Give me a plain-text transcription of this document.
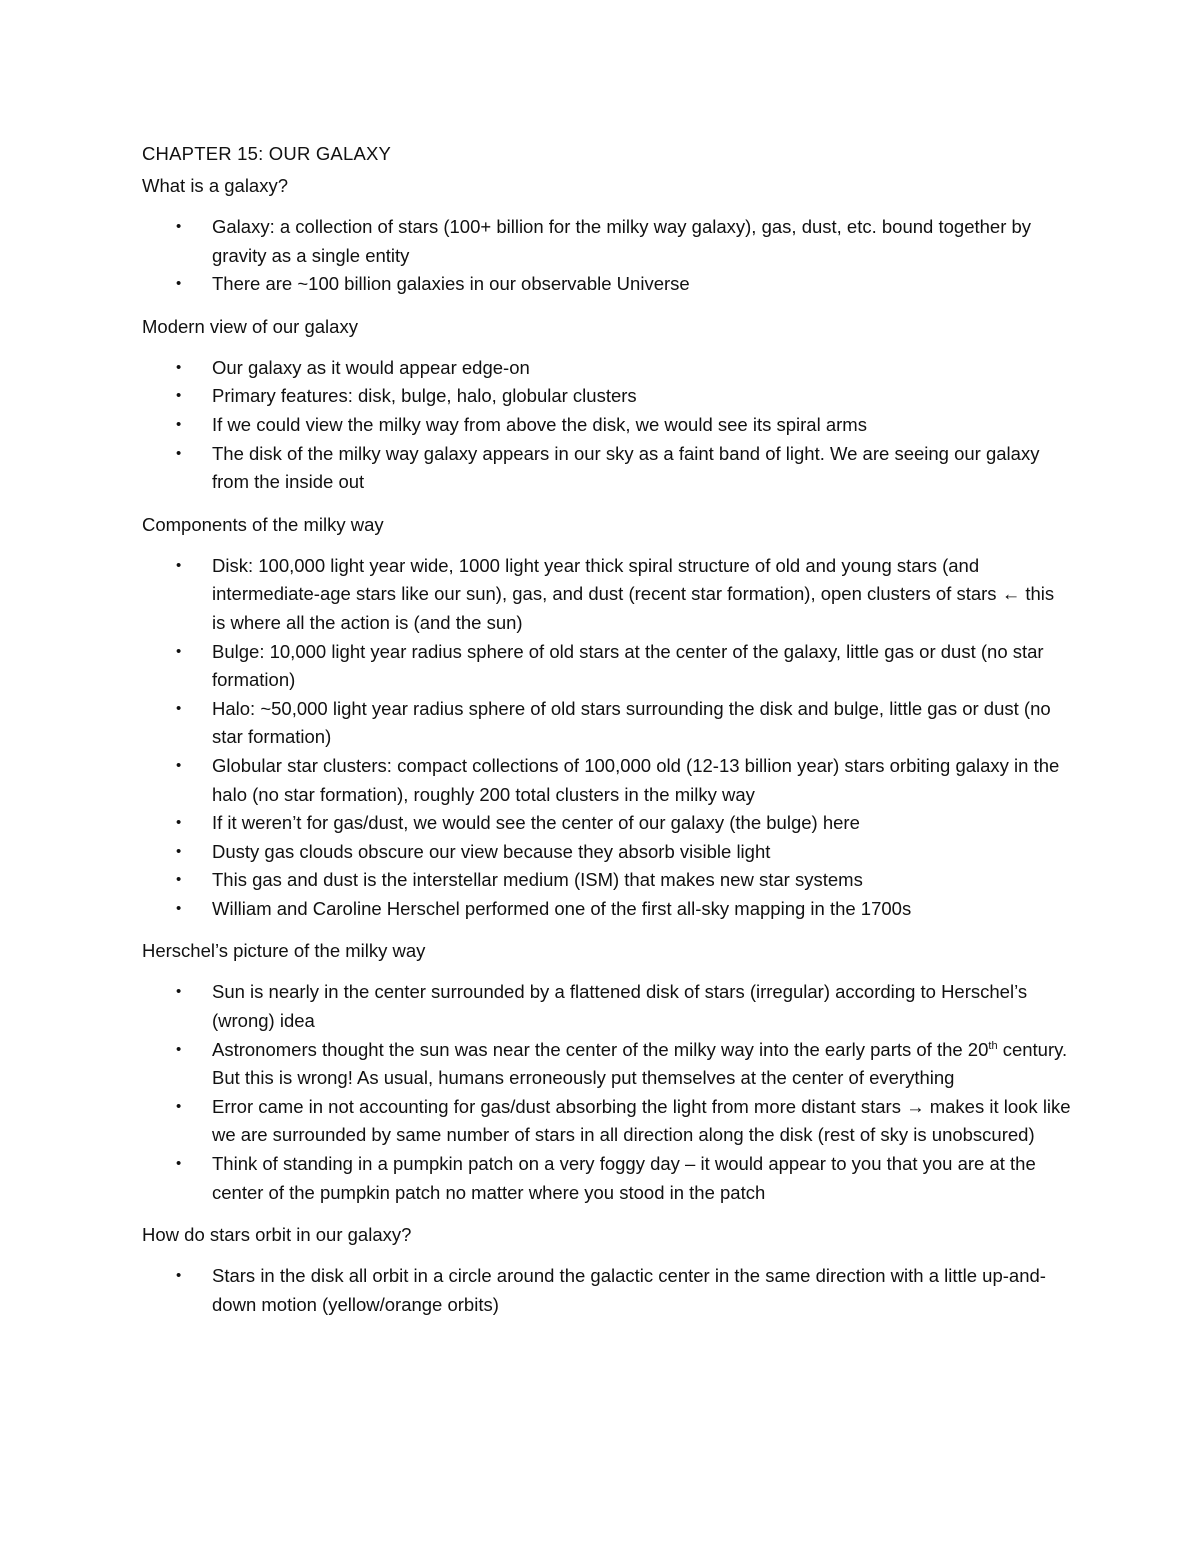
CHAPTER 15: OUR GALAXY
What is a galaxy?
• Galaxy: a collection of stars (100+ billion for the milky way galaxy), gas, dust, etc. bound together by gravity as a single entity
• There are ~100 billion galaxies in our observable Universe
Modern view of our galaxy
• Our galaxy as it would appear edge-on
• Primary features: disk, bulge, halo, globular clusters
• If we could view the milky way from above the disk, we would see its spiral arms
• The disk of the milky way galaxy appears in our sky as a faint band of light. We are seeing our galaxy from the inside out
Components of the milky way
• Disk: 100,000 light year wide, 1000 light year thick spiral structure of old and young stars (and intermediate-age stars like our sun), gas, and dust (recent star formation), open clusters of stars ← this is where all the action is (and the sun)
• Bulge: 10,000 light year radius sphere of old stars at the center of the galaxy, little gas or dust (no star formation)
• Halo: ~50,000 light year radius sphere of old stars surrounding the disk and bulge, little gas or dust (no star formation)
• Globular star clusters: compact collections of 100,000 old (12-13 billion year) stars orbiting galaxy in the halo (no star formation), roughly 200 total clusters in the milky way
• If it weren’t for gas/dust, we would see the center of our galaxy (the bulge) here
• Dusty gas clouds obscure our view because they absorb visible light
• This gas and dust is the interstellar medium (ISM) that makes new star systems
• William and Caroline Herschel performed one of the first all-sky mapping in the 1700s
Herschel’s picture of the milky way
• Sun is nearly in the center surrounded by a flattened disk of stars (irregular) according to Herschel’s (wrong) idea
• Astronomers thought the sun was near the center of the milky way into the early parts of the 20th century. But this is wrong! As usual, humans erroneously put themselves at the center of everything
• Error came in not accounting for gas/dust absorbing the light from more distant stars → makes it look like we are surrounded by same number of stars in all direction along the disk (rest of sky is unobscured)
• Think of standing in a pumpkin patch on a very foggy day – it would appear to you that you are at the center of the pumpkin patch no matter where you stood in the patch
How do stars orbit in our galaxy?
• Stars in the disk all orbit in a circle around the galactic center in the same direction with a little up-and-down motion (yellow/orange orbits)
